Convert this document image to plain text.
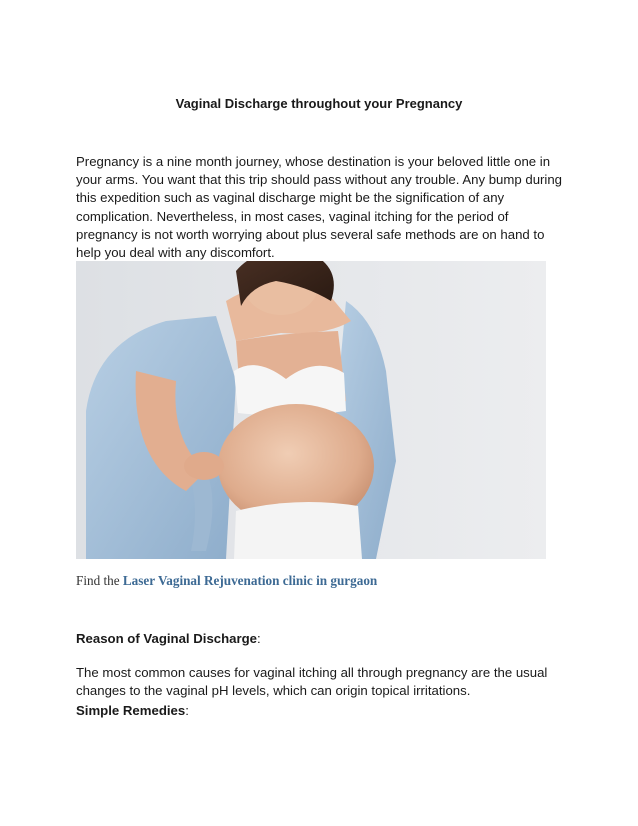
Vaginal Discharge throughout your Pregnancy

Pregnancy is a nine month journey, whose destination is your beloved little one in your arms. You want that this trip should pass without any trouble. Any bump during this expedition such as vaginal discharge might be the signification of any complication. Nevertheless, in most cases, vaginal itching for the period of pregnancy is not worth worrying about plus several safe methods are on hand to help you deal with any discomfort.

Find the Laser Vaginal Rejuvenation clinic in gurgaon
Reason of Vaginal Discharge:

The most common causes for vaginal itching all through pregnancy are the usual changes to the vaginal pH levels, which can origin topical irritations.

Simple Remedies:
